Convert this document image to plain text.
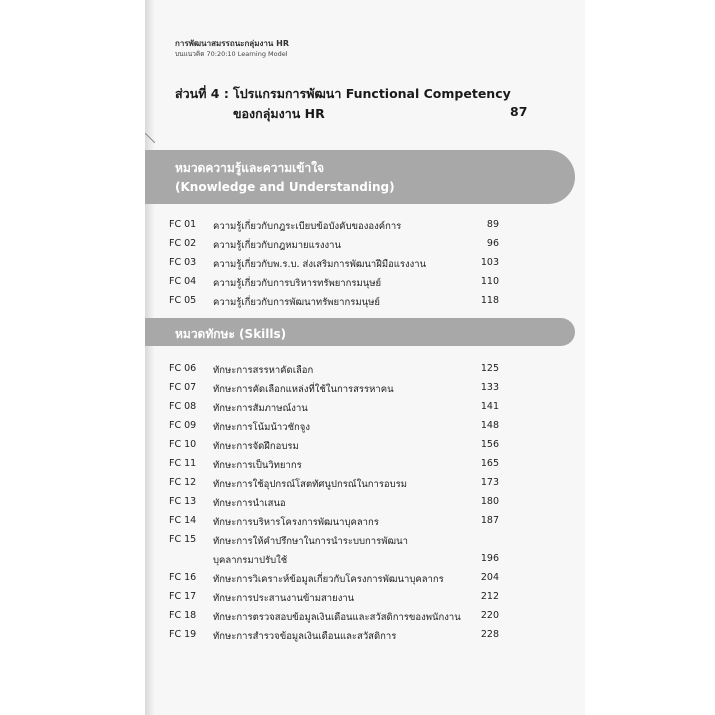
การพัฒนาสมรรถนะกลุ่มงาน HR
บนแนวคิด 70:20:10 Learning Model
ส่วนที่ 4 : โปรแกรมการพัฒนา Functional Competency
ของกลุ่มงาน HR	87
หมวดความรู้และความเข้าใจ
(Knowledge and Understanding)
FC 01 ความรู้เกี่ยวกับกฎระเบียบข้อบังคับขององค์การ	89
FC 02 ความรู้เกี่ยวกับกฎหมายแรงงาน	96
FC 03 ความรู้เกี่ยวกับพ.ร.บ. ส่งเสริมการพัฒนาฝีมือแรงงาน	103
FC 04 ความรู้เกี่ยวกับการบริหารทรัพยากรมนุษย์	110
FC 05 ความรู้เกี่ยวกับการพัฒนาทรัพยากรมนุษย์	118
หมวดทักษะ (Skills)
FC 06 ทักษะการสรรหาคัดเลือก	125
FC 07 ทักษะการคัดเลือกแหล่งที่ใช้ในการสรรหาคน	133
FC 08 ทักษะการสัมภาษณ์งาน	141
FC 09 ทักษะการโน้มน้าวชักจูง	148
FC 10 ทักษะการจัดฝึกอบรม	156
FC 11 ทักษะการเป็นวิทยากร	165
FC 12 ทักษะการใช้อุปกรณ์โสตทัศนูปกรณ์ในการอบรม	173
FC 13 ทักษะการนำเสนอ	180
FC 14 ทักษะการบริหารโครงการพัฒนาบุคลากร	187
FC 15 ทักษะการให้คำปรึกษาในการนำระบบการพัฒนา
บุคลากรมาปรับใช้	196
FC 16 ทักษะการวิเคราะห์ข้อมูลเกี่ยวกับโครงการพัฒนาบุคลากร	204
FC 17 ทักษะการประสานงานข้ามสายงาน	212
FC 18 ทักษะการตรวจสอบข้อมูลเงินเดือนและสวัสดิการของพนักงาน 220
FC 19 ทักษะการสำรวจข้อมูลเงินเดือนและสวัสดิการ	228
